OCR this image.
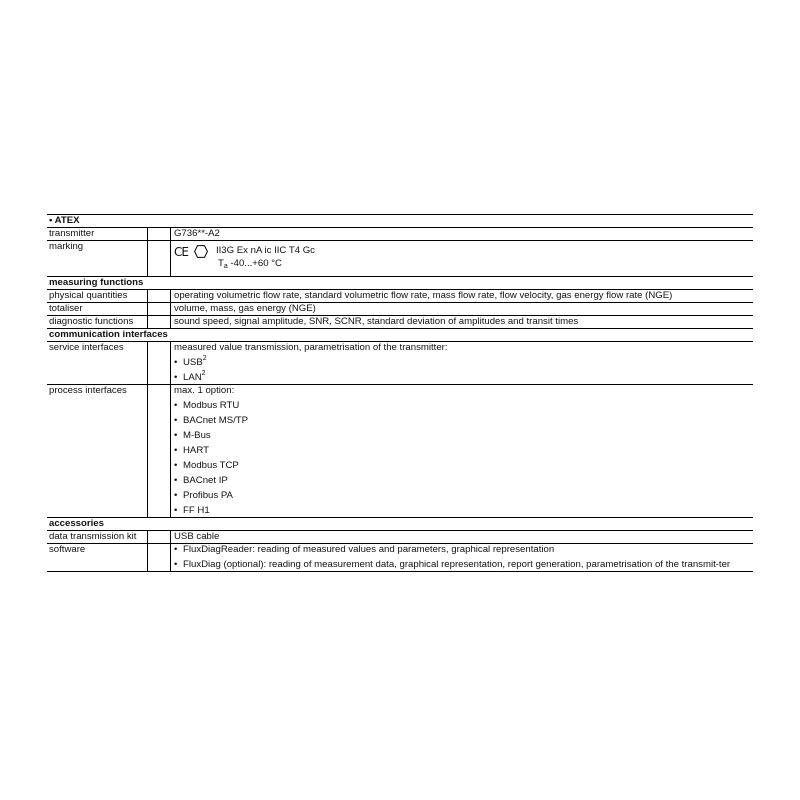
• ATEX
transmitter	G736**-A2
marking	CE	II3G Ex nA ic IIC T4 Gc
$T_a$ -40...+60 °C
measuring functions
physical quantities	operating volumetric flow rate, standard volumetric flow rate, mass flow rate, flow velocity, gas energy flow rate (NGE)
totaliser	volume, mass, gas energy (NGE)
diagnostic functions	sound speed, signal amplitude, SNR, SCNR, standard deviation of amplitudes and transit times
communication interfaces
service interfaces	measured value transmission, parametrisation of the transmitter:
• USB$^2$
• LAN$^2$
process interfaces	max. 1 option:
• Modbus RTU
• BACnet MS/TP
• M-Bus
• HART
• Modbus TCP
• BACnet IP
• Profibus PA
• FF H1
accessories
data transmission kit	USB cable
software
•	FluxDiagReader: reading of measured values and parameters, graphical representation
• FluxDiag (optional): reading of measurement data, graphical representation, report generation, parametrisation of the transmit-ter
